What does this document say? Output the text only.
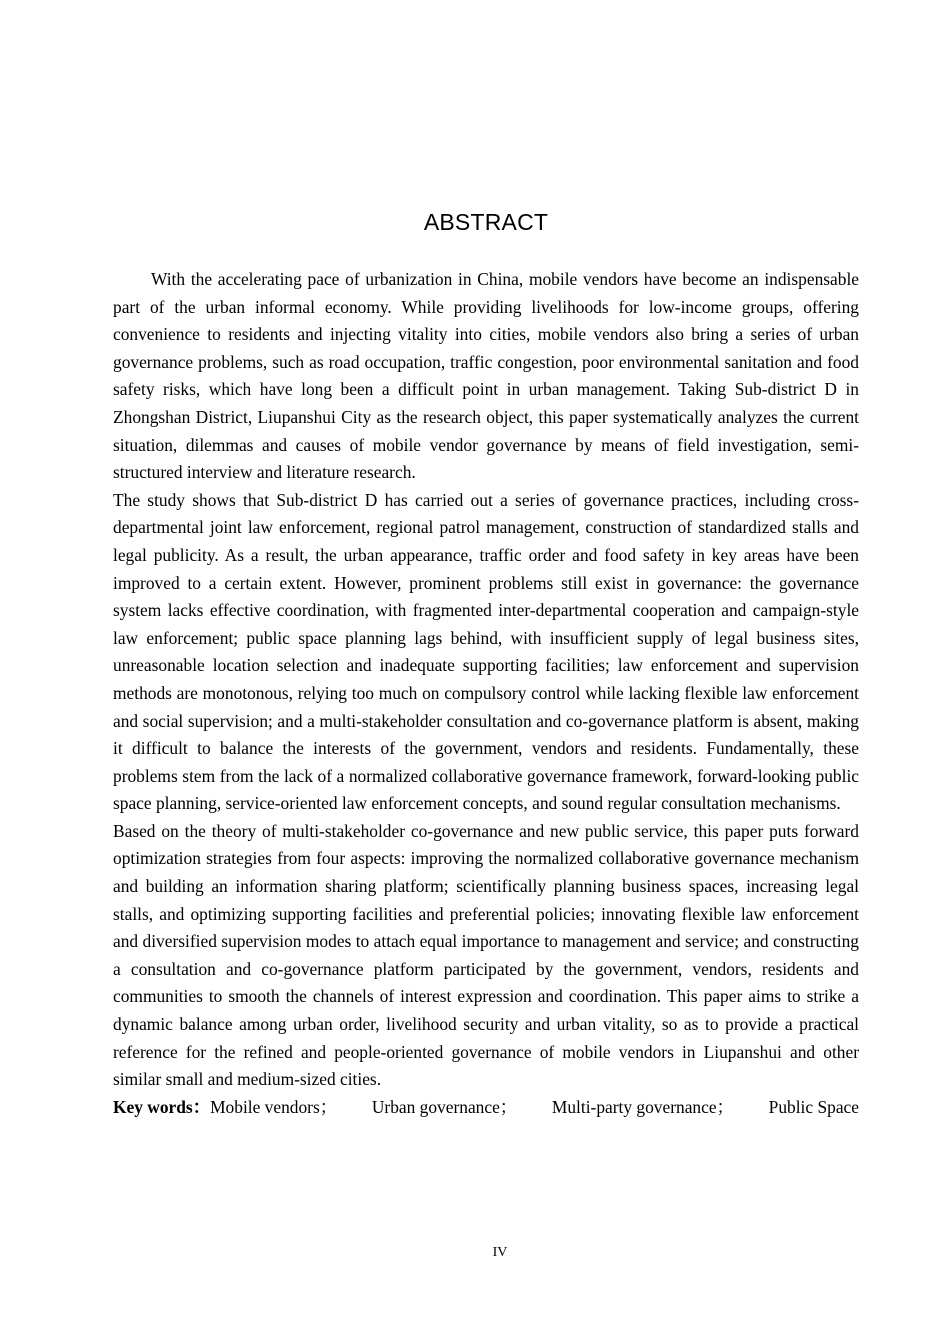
ABSTRACT

With the accelerating pace of urbanization in China, mobile vendors have become an indispensable part of the urban informal economy. While providing livelihoods for low-income groups, offering convenience to residents and injecting vitality into cities, mobile vendors also bring a series of urban governance problems, such as road occupation, traffic congestion, poor environmental sanitation and food safety risks, which have long been a difficult point in urban management. Taking Sub-district D in Zhongshan District, Liupanshui City as the research object, this paper systematically analyzes the current situation, dilemmas and causes of mobile vendor governance by means of field investigation, semi-structured interview and literature research.

The study shows that Sub-district D has carried out a series of governance practices, including cross-departmental joint law enforcement, regional patrol management, construction of standardized stalls and legal publicity. As a result, the urban appearance, traffic order and food safety in key areas have been improved to a certain extent. However, prominent problems still exist in governance: the governance system lacks effective coordination, with fragmented inter-departmental cooperation and campaign-style law enforcement; public space planning lags behind, with insufficient supply of legal business sites, unreasonable location selection and inadequate supporting facilities; law enforcement and supervision methods are monotonous, relying too much on compulsory control while lacking flexible law enforcement and social supervision; and a multi-stakeholder consultation and co-governance platform is absent, making it difficult to balance the interests of the government, vendors and residents. Fundamentally, these problems stem from the lack of a normalized collaborative governance framework, forward-looking public space planning, service-oriented law enforcement concepts, and sound regular consultation mechanisms.

Based on the theory of multi-stakeholder co-governance and new public service, this paper puts forward optimization strategies from four aspects: improving the normalized collaborative governance mechanism and building an information sharing platform; scientifically planning business spaces, increasing legal stalls, and optimizing supporting facilities and preferential policies; innovating flexible law enforcement and diversified supervision modes to attach equal importance to management and service; and constructing a consultation and co-governance platform participated by the government, vendors, residents and communities to smooth the channels of interest expression and coordination. This paper aims to strike a dynamic balance among urban order, livelihood security and urban vitality, so as to provide a practical reference for the refined and people-oriented governance of mobile vendors in Liupanshui and other similar small and medium-sized cities.

Key words：Mobile vendors； Urban governance； Multi-party governance； Public Space
IV
